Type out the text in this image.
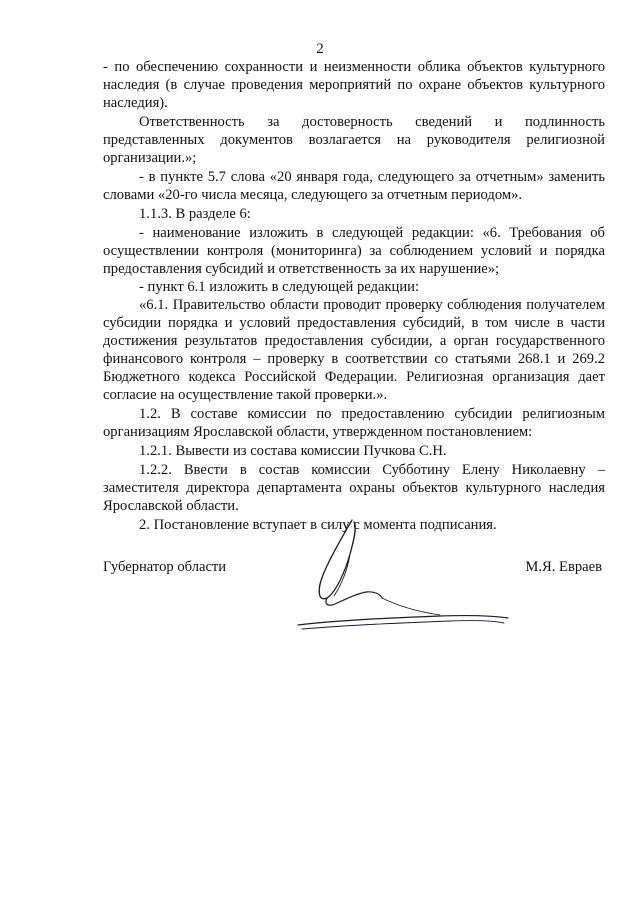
2

- по обеспечению сохранности и неизменности облика объектов культурного наследия (в случае проведения мероприятий по охране объектов культурного наследия).

Ответственность за достоверность сведений и подлинность представленных документов возлагается на руководителя религиозной организации.»;

- в пункте 5.7 слова «20 января года, следующего за отчетным» заменить словами «20-го числа месяца, следующего за отчетным периодом».

1.1.3. В разделе 6:

- наименование изложить в следующей редакции: «6. Требования об осуществлении контроля (мониторинга) за соблюдением условий и порядка предоставления субсидий и ответственность за их нарушение»;

- пункт 6.1 изложить в следующей редакции:

«6.1. Правительство области проводит проверку соблюдения получателем субсидии порядка и условий предоставления субсидий, в том числе в части достижения результатов предоставления субсидии, а орган государственного финансового контроля – проверку в соответствии со статьями 268.1 и 269.2 Бюджетного кодекса Российской Федерации. Религиозная организация дает согласие на осуществление такой проверки.».

1.2. В составе комиссии по предоставлению субсидии религиозным организациям Ярославской области, утвержденном постановлением:

1.2.1. Вывести из состава комиссии Пучкова С.Н.

1.2.2. Ввести в состав комиссии Субботину Елену Николаевну – заместителя директора департамента охраны объектов культурного наследия Ярославской области.

2. Постановление вступает в силу с момента подписания.

Губернатор области	М.Я. Евраев
